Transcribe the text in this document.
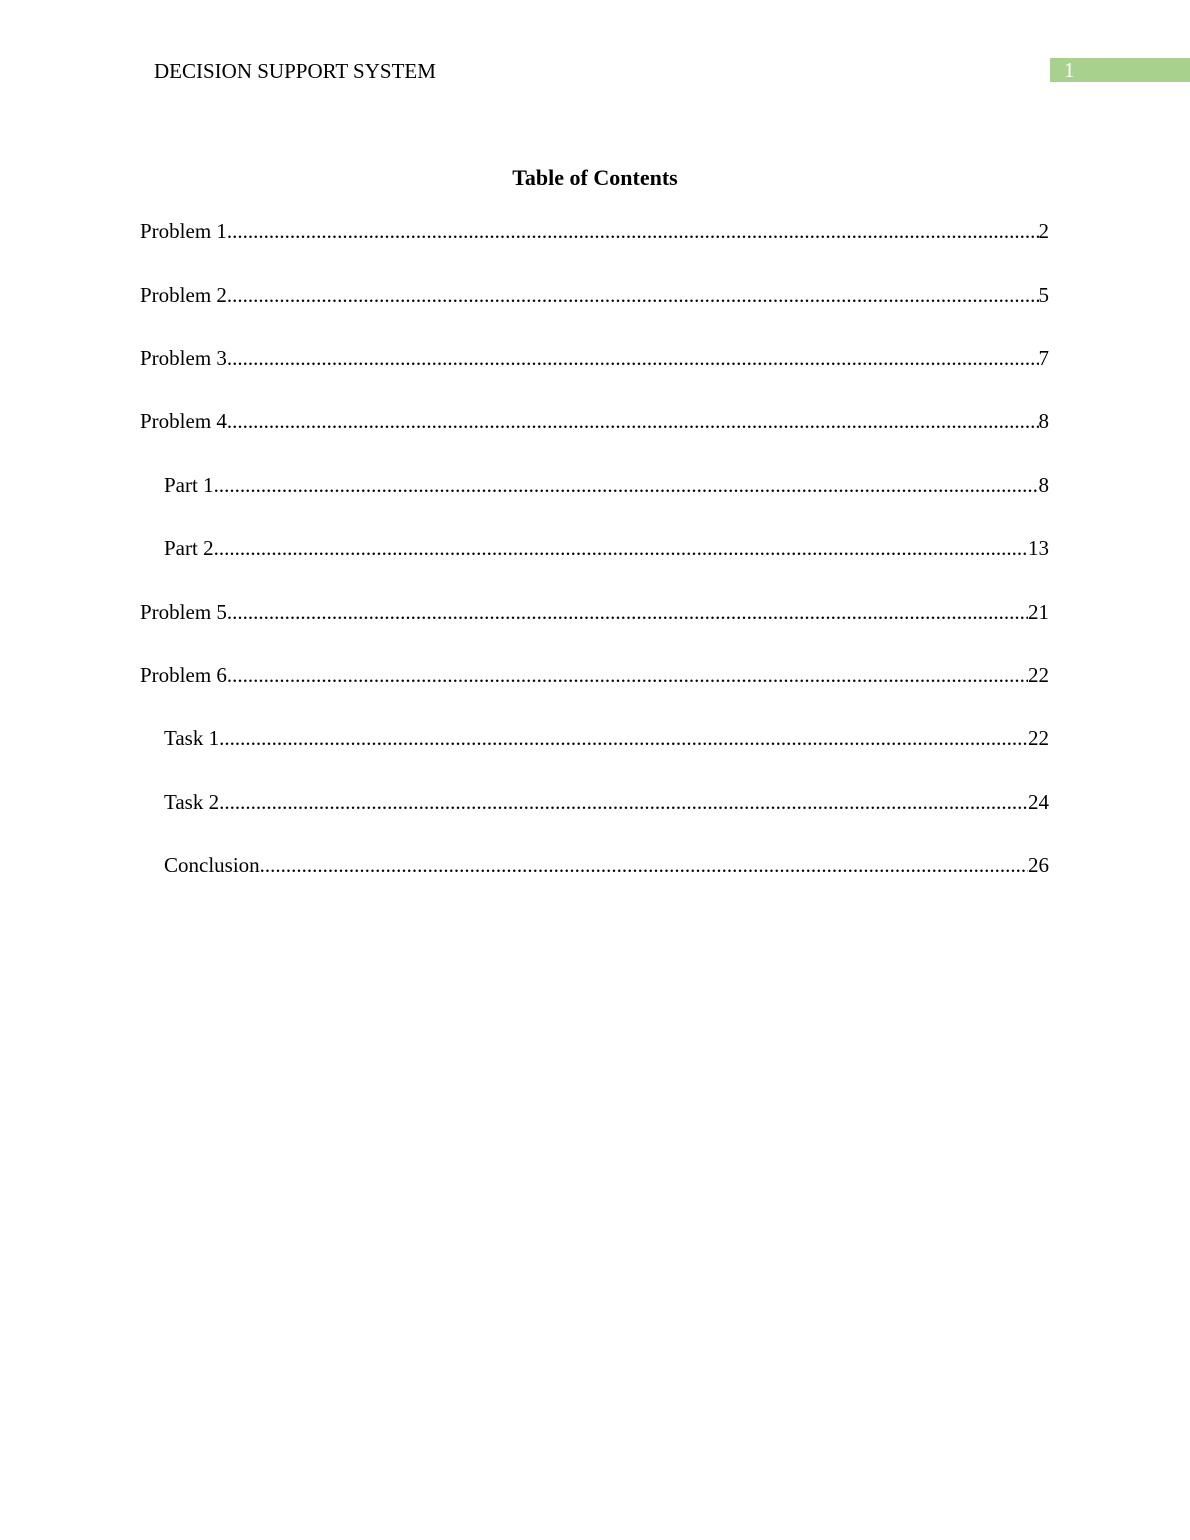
DECISION SUPPORT SYSTEM	1
Table of Contents
Problem 1 .....	2
Problem 2 .....	5
Problem 3 .....	7
Problem 4 .....	8
Part 1 .....	8
Part 2 .....	13
Problem 5 .....	21
Problem 6 .....	22
Task 1 .....	22
Task 2 .....	24
Conclusion .....	26
